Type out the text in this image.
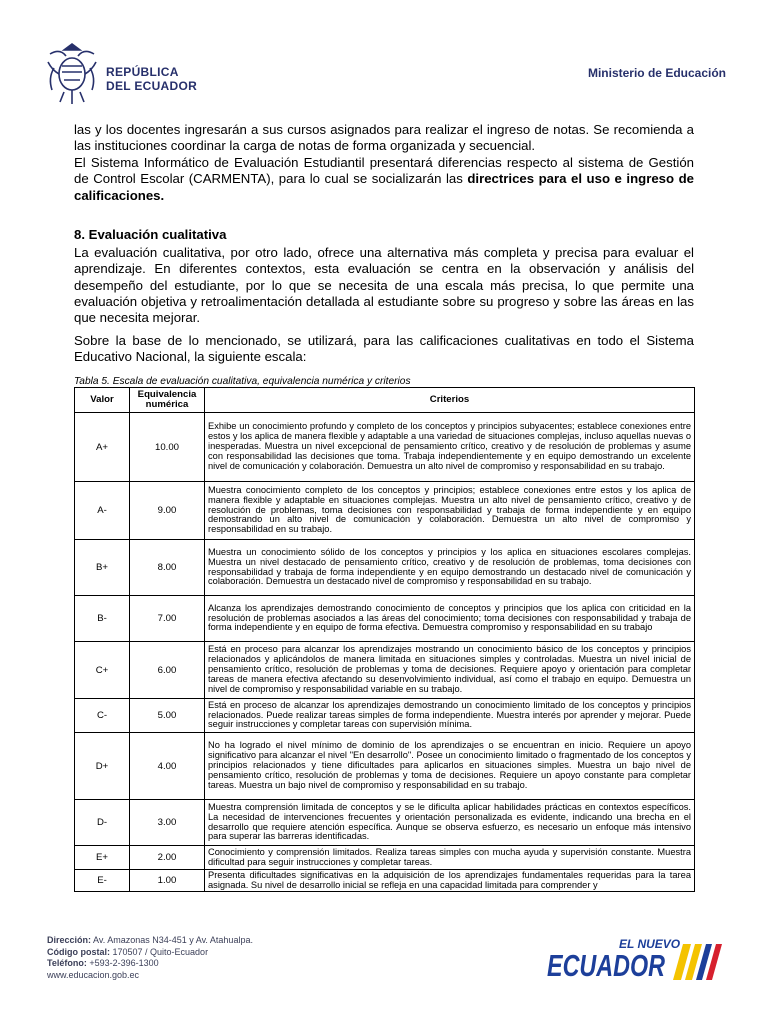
REPÚBLICA
DEL ECUADOR
Ministerio de Educación
las y los docentes ingresarán a sus cursos asignados para realizar el ingreso de notas. Se recomienda a las instituciones coordinar la carga de notas de forma organizada y secuencial.
El Sistema Informático de Evaluación Estudiantil presentará diferencias respecto al sistema de Gestión de Control Escolar (CARMENTA), para lo cual se socializarán las directrices para el uso e ingreso de calificaciones.
8. Evaluación cualitativa
La evaluación cualitativa, por otro lado, ofrece una alternativa más completa y precisa para evaluar el aprendizaje. En diferentes contextos, esta evaluación se centra en la observación y análisis del desempeño del estudiante, por lo que se necesita de una escala más precisa, lo que permite una evaluación objetiva y retroalimentación detallada al estudiante sobre su progreso y sobre las áreas en las que necesita mejorar.
Sobre la base de lo mencionado, se utilizará, para las calificaciones cualitativas en todo el Sistema Educativo Nacional, la siguiente escala:
Tabla 5. Escala de evaluación cualitativa, equivalencia numérica y criterios
Valor	Equivalencia numérica	Criterios
A+	10.00	Exhibe un conocimiento profundo y completo de los conceptos y principios subyacentes; establece conexiones entre estos y los aplica de manera flexible y adaptable a una variedad de situaciones complejas, incluso aquellas nuevas o inesperadas. Muestra un nivel excepcional de pensamiento crítico, creativo y de resolución de problemas y asume con responsabilidad las decisiones que toma. Trabaja independientemente y en equipo demostrando un excelente nivel de comunicación y colaboración. Demuestra un alto nivel de compromiso y responsabilidad en su trabajo.

A-	9.00	Muestra conocimiento completo de los conceptos y principios; establece conexiones entre estos y los aplica de manera flexible y adaptable en situaciones complejas. Muestra un alto nivel de pensamiento crítico, creativo y de resolución de problemas, toma decisiones con responsabilidad y trabaja de forma independiente y en equipo demostrando un alto nivel de comunicación y colaboración. Demuestra un alto nivel de compromiso y responsabilidad en su trabajo.

B+	8.00	Muestra un conocimiento sólido de los conceptos y principios y los aplica en situaciones escolares complejas. Muestra un nivel destacado de pensamiento crítico, creativo y de resolución de problemas, toma decisiones con responsabilidad y trabaja de forma independiente y en equipo demostrando un destacado nivel de comunicación y colaboración. Demuestra un destacado nivel de compromiso y responsabilidad en su trabajo.

B-	7.00	Alcanza los aprendizajes demostrando conocimiento de conceptos y principios que los aplica con criticidad en la resolución de problemas asociados a las áreas del conocimiento; toma decisiones con responsabilidad y trabaja de forma independiente y en equipo de forma efectiva. Demuestra compromiso y responsabilidad en su trabajo

C+	6.00	Está en proceso para alcanzar los aprendizajes mostrando un conocimiento básico de los conceptos y principios relacionados y aplicándolos de manera limitada en situaciones simples y controladas. Muestra un nivel inicial de pensamiento crítico, resolución de problemas y toma de decisiones. Requiere apoyo y orientación para completar tareas de manera efectiva afectando su desenvolvimiento individual, así como el trabajo en equipo. Demuestra un nivel de compromiso y responsabilidad variable en su trabajo.

C-	5.00	Está en proceso de alcanzar los aprendizajes demostrando un conocimiento limitado de los conceptos y principios relacionados. Puede realizar tareas simples de forma independiente. Muestra interés por aprender y mejorar. Puede seguir instrucciones y completar tareas con supervisión mínima.

D+	4.00	No ha logrado el nivel mínimo de dominio de los aprendizajes o se encuentran en inicio. Requiere un apoyo significativo para alcanzar el nivel "En desarrollo". Posee un conocimiento limitado o fragmentado de los conceptos y principios relacionados y tiene dificultades para aplicarlos en situaciones simples. Muestra un bajo nivel de pensamiento crítico, resolución de problemas y toma de decisiones. Requiere un apoyo constante para completar tareas. Muestra un bajo nivel de compromiso y responsabilidad en su trabajo.

D-	3.00	Muestra comprensión limitada de conceptos y se le dificulta aplicar habilidades prácticas en contextos específicos. La necesidad de intervenciones frecuentes y orientación personalizada es evidente, indicando una brecha en el desarrollo que requiere atención específica. Aunque se observa esfuerzo, es necesario un enfoque más intensivo para superar las barreras identificadas.

E+	2.00	Conocimiento y comprensión limitados. Realiza tareas simples con mucha ayuda y supervisión constante. Muestra dificultad para seguir instrucciones y completar tareas.

E-	1.00	Presenta dificultades significativas en la adquisición de los aprendizajes fundamentales requeridas para la tarea asignada. Su nivel de desarrollo inicial se refleja en una capacidad limitada para comprender y
Dirección: Av. Amazonas N34-451 y Av. Atahualpa.
Código postal: 170507 / Quito-Ecuador
Teléfono: +593-2-396-1300
www.educacion.gob.ec
EL NUEVO
ECUADOR
